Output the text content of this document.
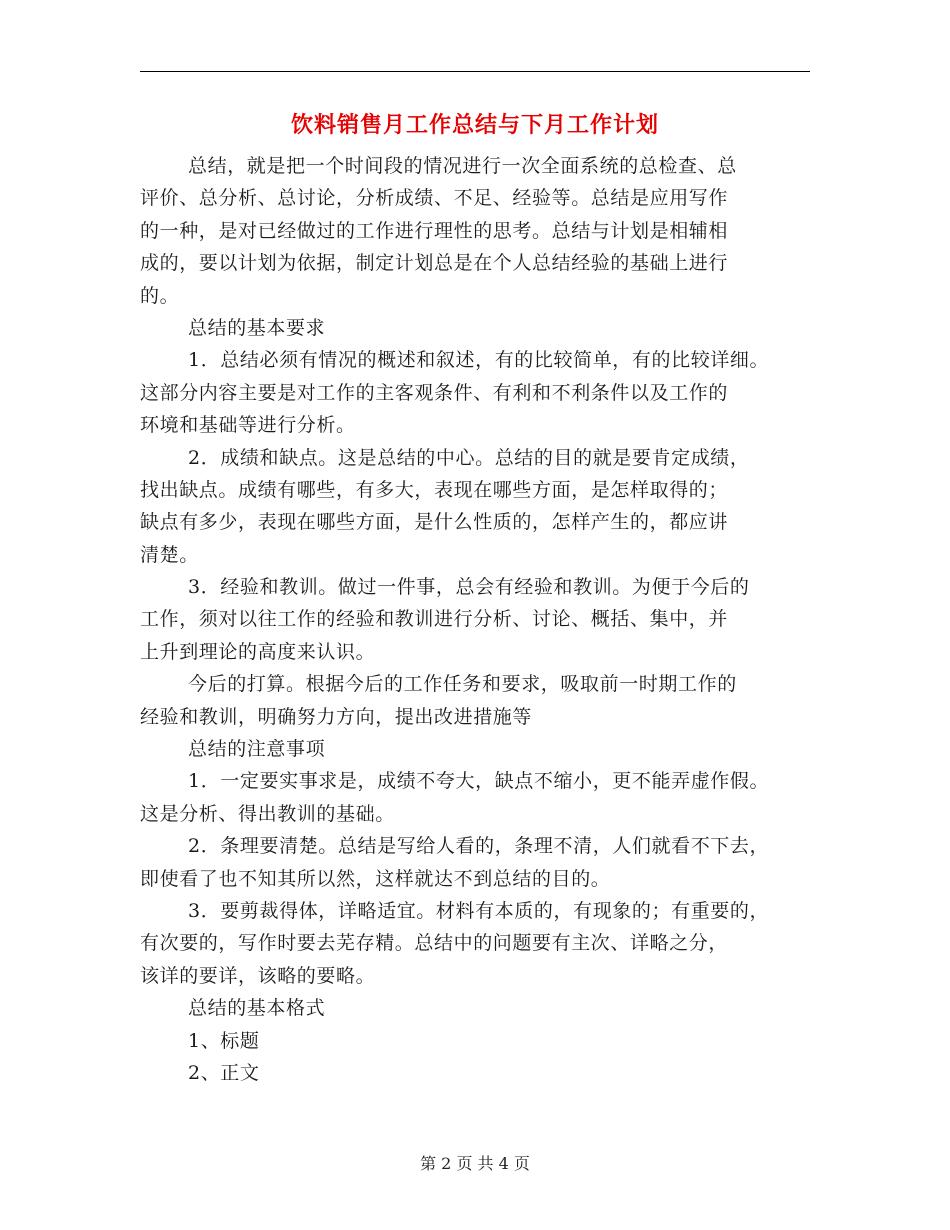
饮料销售月工作总结与下月工作计划
总结，就是把一个时间段的情况进行一次全面系统的总检查、总
评价、总分析、总讨论，分析成绩、不足、经验等。总结是应用写作
的一种，是对已经做过的工作进行理性的思考。总结与计划是相辅相
成的，要以计划为依据，制定计划总是在个人总结经验的基础上进行
的。
总结的基本要求
1．总结必须有情况的概述和叙述，有的比较简单，有的比较详细。
这部分内容主要是对工作的主客观条件、有利和不利条件以及工作的
环境和基础等进行分析。
2．成绩和缺点。这是总结的中心。总结的目的就是要肯定成绩，
找出缺点。成绩有哪些，有多大，表现在哪些方面，是怎样取得的；
缺点有多少，表现在哪些方面，是什么性质的，怎样产生的，都应讲
清楚。
3．经验和教训。做过一件事，总会有经验和教训。为便于今后的
工作，须对以往工作的经验和教训进行分析、讨论、概括、集中，并
上升到理论的高度来认识。
今后的打算。根据今后的工作任务和要求，吸取前一时期工作的
经验和教训，明确努力方向，提出改进措施等
总结的注意事项
1．一定要实事求是，成绩不夸大，缺点不缩小，更不能弄虚作假。
这是分析、得出教训的基础。
2．条理要清楚。总结是写给人看的，条理不清，人们就看不下去，
即使看了也不知其所以然，这样就达不到总结的目的。
3．要剪裁得体，详略适宜。材料有本质的，有现象的；有重要的，
有次要的，写作时要去芜存精。总结中的问题要有主次、详略之分，
该详的要详，该略的要略。
总结的基本格式
1、标题
2、正文
第 2 页 共 4 页
